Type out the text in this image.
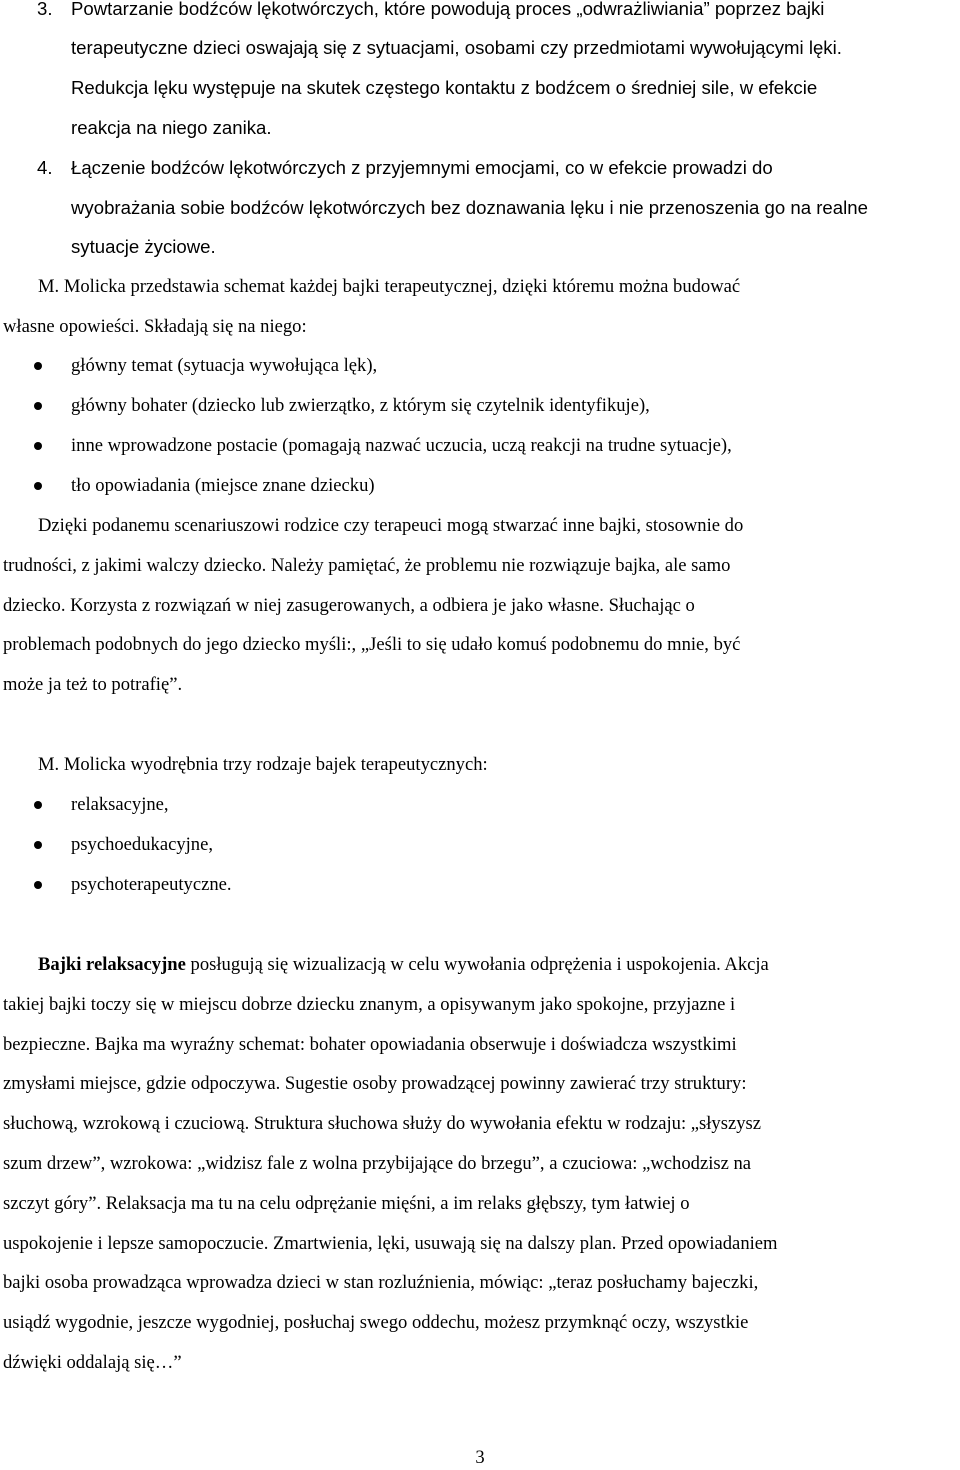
3. Powtarzanie bodźców lękotwórczych, które powodują proces „odwrażliwiania” poprzez bajki
terapeutyczne dzieci oswajają się z sytuacjami, osobami czy przedmiotami wywołującymi lęki.
Redukcja lęku występuje na skutek częstego kontaktu z bodźcem o średniej sile, w efekcie
reakcja na niego zanika.
4. Łączenie bodźców lękotwórczych z przyjemnymi emocjami, co w efekcie prowadzi do
wyobrażania sobie bodźców lękotwórczych bez doznawania lęku i nie przenoszenia go na realne
sytuacje życiowe.
M. Molicka przedstawia schemat każdej bajki terapeutycznej, dzięki któremu można budować
własne opowieści. Składają się na niego:
główny temat (sytuacja wywołująca lęk),
główny bohater (dziecko lub zwierzątko, z którym się czytelnik identyfikuje),
inne wprowadzone postacie (pomagają nazwać uczucia, uczą reakcji na trudne sytuacje),
tło opowiadania (miejsce znane dziecku)
Dzięki podanemu scenariuszowi rodzice czy terapeuci mogą stwarzać inne bajki, stosownie do
trudności, z jakimi walczy dziecko. Należy pamiętać, że problemu nie rozwiązuje bajka, ale samo
dziecko. Korzysta z rozwiązań w niej zasugerowanych, a odbiera je jako własne. Słuchając o
problemach podobnych do jego dziecko myśli:, „Jeśli to się udało komuś podobnemu do mnie, być
może ja też to potrafię”.
M. Molicka wyodrębnia trzy rodzaje bajek terapeutycznych:
relaksacyjne,
psychoedukacyjne,
psychoterapeutyczne.
Bajki relaksacyjne posługują się wizualizacją w celu wywołania odprężenia i uspokojenia. Akcja
takiej bajki toczy się w miejscu dobrze dziecku znanym, a opisywanym jako spokojne, przyjazne i
bezpieczne. Bajka ma wyraźny schemat: bohater opowiadania obserwuje i doświadcza wszystkimi
zmysłami miejsce, gdzie odpoczywa. Sugestie osoby prowadzącej powinny zawierać trzy struktury:
słuchową, wzrokową i czuciową. Struktura słuchowa służy do wywołania efektu w rodzaju: „słyszysz
szum drzew”, wzrokowa: „widzisz fale z wolna przybijające do brzegu”, a czuciowa: „wchodzisz na
szczyt góry”. Relaksacja ma tu na celu odprężanie mięśni, a im relaks głębszy, tym łatwiej o
uspokojenie i lepsze samopoczucie. Zmartwienia, lęki, usuwają się na dalszy plan. Przed opowiadaniem
bajki osoba prowadząca wprowadza dzieci w stan rozluźnienia, mówiąc: „teraz posłuchamy bajeczki,
usiądź wygodnie, jeszcze wygodniej, posłuchaj swego oddechu, możesz przymknąć oczy, wszystkie
dźwięki oddalają się…”
3
